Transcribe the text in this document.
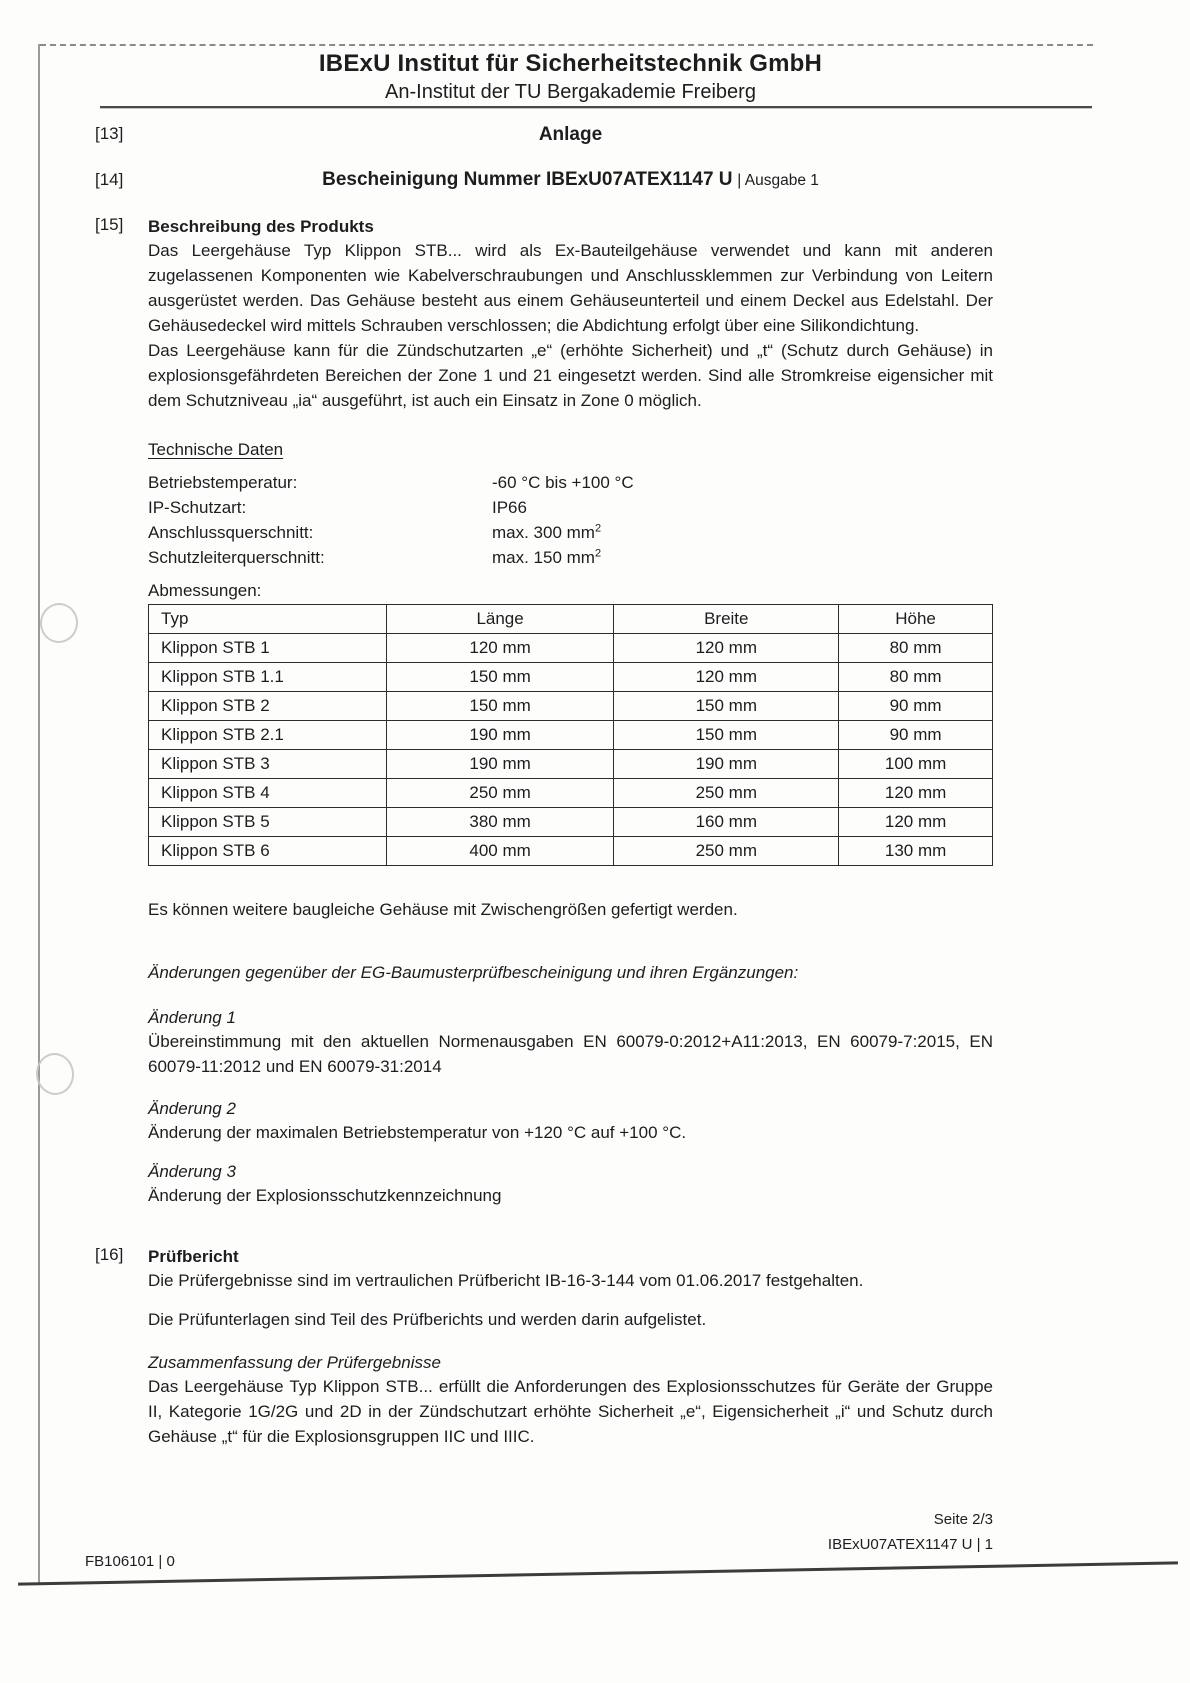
IBExU Institut für Sicherheitstechnik GmbH
An-Institut der TU Bergakademie Freiberg
[13]	Anlage
[14]	Bescheinigung Nummer IBExU07ATEX1147 U | Ausgabe 1
[15] Beschreibung des Produkts

Das Leergehäuse Typ Klippon STB... wird als Ex-Bauteilgehäuse verwendet und kann mit anderen zugelassenen Komponenten wie Kabelverschraubungen und Anschlussklemmen zur Verbindung von Leitern ausgerüstet werden. Das Gehäuse besteht aus einem Gehäuseunterteil und einem Deckel aus Edelstahl. Der Gehäusedeckel wird mittels Schrauben verschlossen; die Abdichtung erfolgt über eine Silikondichtung.

Das Leergehäuse kann für die Zündschutzarten „e“ (erhöhte Sicherheit) und „t“ (Schutz durch Gehäuse) in explosionsgefährdeten Bereichen der Zone 1 und 21 eingesetzt werden. Sind alle Stromkreise eigensicher mit dem Schutzniveau „ia“ ausgeführt, ist auch ein Einsatz in Zone 0 möglich.

Technische Daten
Betriebstemperatur:	-60 °C bis +100 °C
IP-Schutzart:	IP66
Anschlussquerschnitt:	max. 300 $mm^2$
Schutzleiterquerschnitt:	max. 150 $mm^2$
Abmessungen:
Typ	Länge	Breite	Höhe
Klippon STB 1	120 mm	120 mm	80 mm
Klippon STB 1.1	150 mm	120 mm	80 mm
Klippon STB 2	150 mm	150 mm	90 mm
Klippon STB 2.1	190 mm	150 mm	90 mm
Klippon STB 3	190 mm	190 mm	100 mm
Klippon STB 4	250 mm	250 mm	120 mm
Klippon STB 5	380 mm	160 mm	120 mm
Klippon STB 6	400 mm	250 mm	130 mm
Es können weitere baugleiche Gehäuse mit Zwischengrößen gefertigt werden.
Änderungen gegenüber der EG-Baumusterprüfbescheinigung und ihren Ergänzungen:
Änderung 1
Übereinstimmung mit den aktuellen Normenausgaben EN 60079-0:2012+A11:2013, EN 60079-7:2015, EN 60079-11:2012 und EN 60079-31:2014
Änderung 2
Änderung der maximalen Betriebstemperatur von +120 °C auf +100 °C.
Änderung 3
Änderung der Explosionsschutzkennzeichnung
[16] Prüfbericht
Die Prüfergebnisse sind im vertraulichen Prüfbericht IB-16-3-144 vom 01.06.2017 festgehalten.
Die Prüfunterlagen sind Teil des Prüfberichts und werden darin aufgelistet.
Zusammenfassung der Prüfergebnisse
Das Leergehäuse Typ Klippon STB... erfüllt die Anforderungen des Explosionsschutzes für Geräte der Gruppe II, Kategorie 1G/2G und 2D in der Zündschutzart erhöhte Sicherheit „e“, Eigensicherheit „i“ und Schutz durch Gehäuse „t“ für die Explosionsgruppen IIC und IIIC.
Seite 2/3
IBExU07ATEX1147 U | 1
FB106101 | 0
